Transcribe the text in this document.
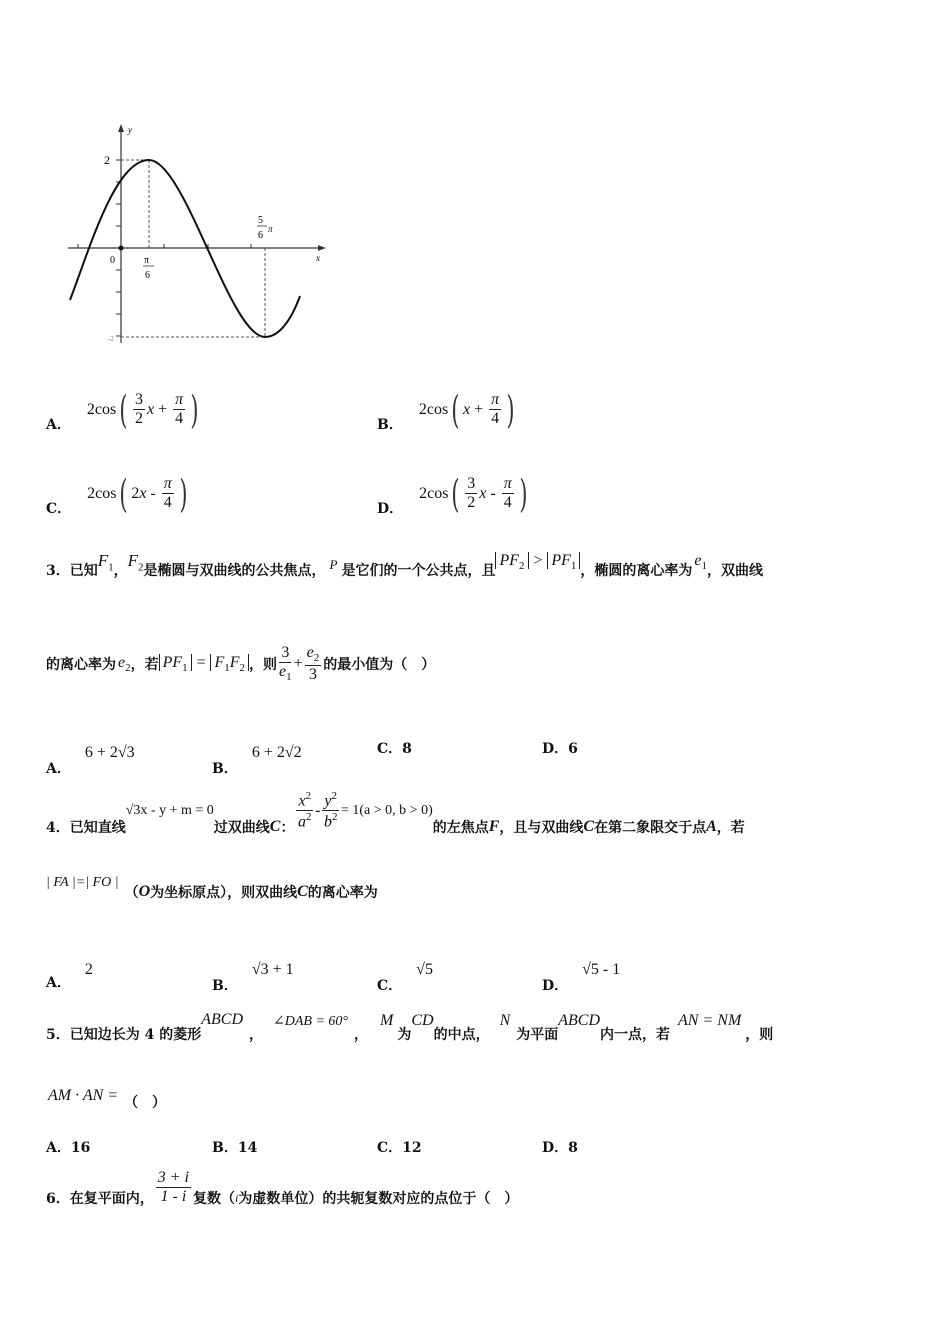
y
x
0
2
-2
π
6
5
6
π
A．
2cos ( $\frac{3}{2}$ $x + \frac{\pi}{4}$ )	B．
2cos ( $x + \frac{\pi}{4}$ )
C．
2cos ( 2 x - $\frac{\pi}{4}$ )	D．
2cos ( $\frac{3}{2}$ x - $\frac{\pi}{4}$ )
3．已知
$F_1$ ，
$F_2$ 是椭圆与双曲线的公共焦点， P 是它们的一个公共点，且
$PF_2 > PF_1$ ，椭圆的离心率为
$e_1$ ，双曲线
的离心率为 $e_2$ ，若 $PF_1 = F_1F_2$ ，则 $\frac{3}{e_1} + \frac{e_2}{3}$ 的最小值为（　）
A．
6 + 2√3
B．
6 + 2√2	C．8	D．6
4．已知直线
√3x - y + m = 0
过双曲线 C ： $\frac{x^2}{a^2} - \frac{y^2}{b^2} = 1(a > 0$, b > 0)
的左焦点 F ，且与双曲线 C 在第二象限交于点 A ，若
| FA |=| FO |
（ O 为坐标原点），则双曲线 C 的离心率为
A．
2
B．
√3 + 1
C．
√5
D．
√5 - 1
5．已知边长为 4 的菱形
ABCD
，
∠DAB = 60°
，
M
为
CD
的中点，
N
为平面
ABCD
内一点，若
AN = NM
，则
AM · AN = （　）
A．16	B．14	C．12	D．8
6．在复平面内， $\frac{3 + i}{1 - i}$ 复数（ i 为虚数单位）的共轭复数对应的点位于（　）
